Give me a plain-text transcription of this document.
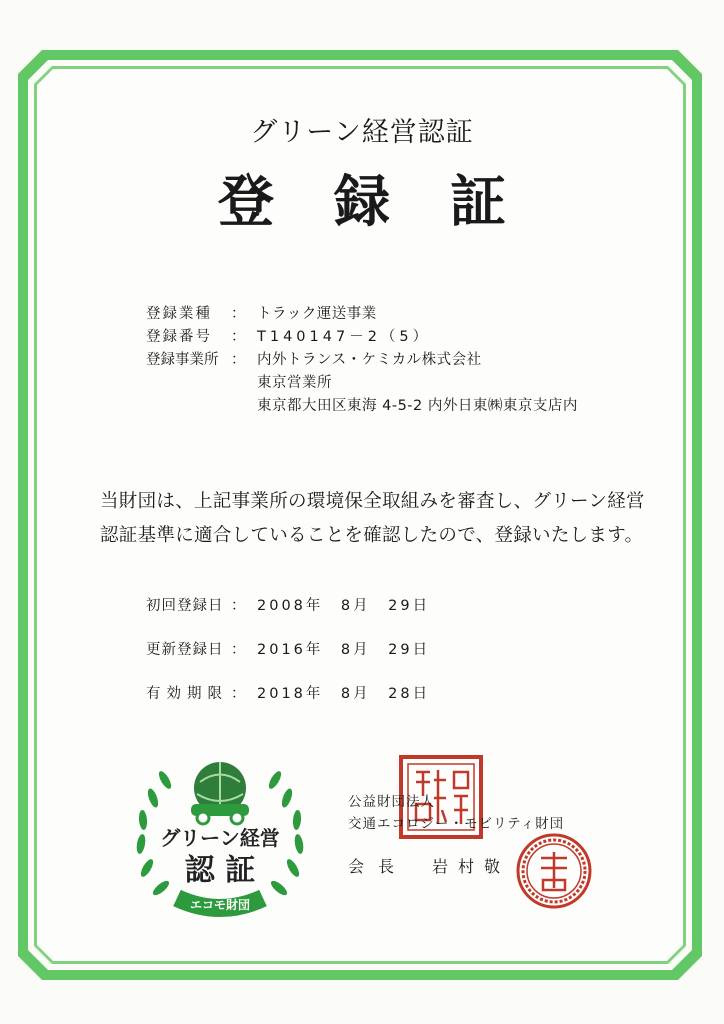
グリーン経営認証
登録証
登録業種	： トラック運送事業
登録番号	： T140147－2（5）
登録事業所 ： 内外トランス・ケミカル株式会社
東京営業所
東京都大田区東海 4-5-2 内外日東㈱東京支店内
当財団は、上記事業所の環境保全取組みを審査し、グリーン経営
認証基準に適合していることを確認したので、登録いたします。
初回登録日 ： 2008年　8月　29日
更新登録日 ： 2016年　8月　29日
有効期限 ： 2018年　8月　28日
グリーン経営
認 証
エコモ財団
公益財団法人
交通エコロジー・モビリティ財団
会長 岩村敬
